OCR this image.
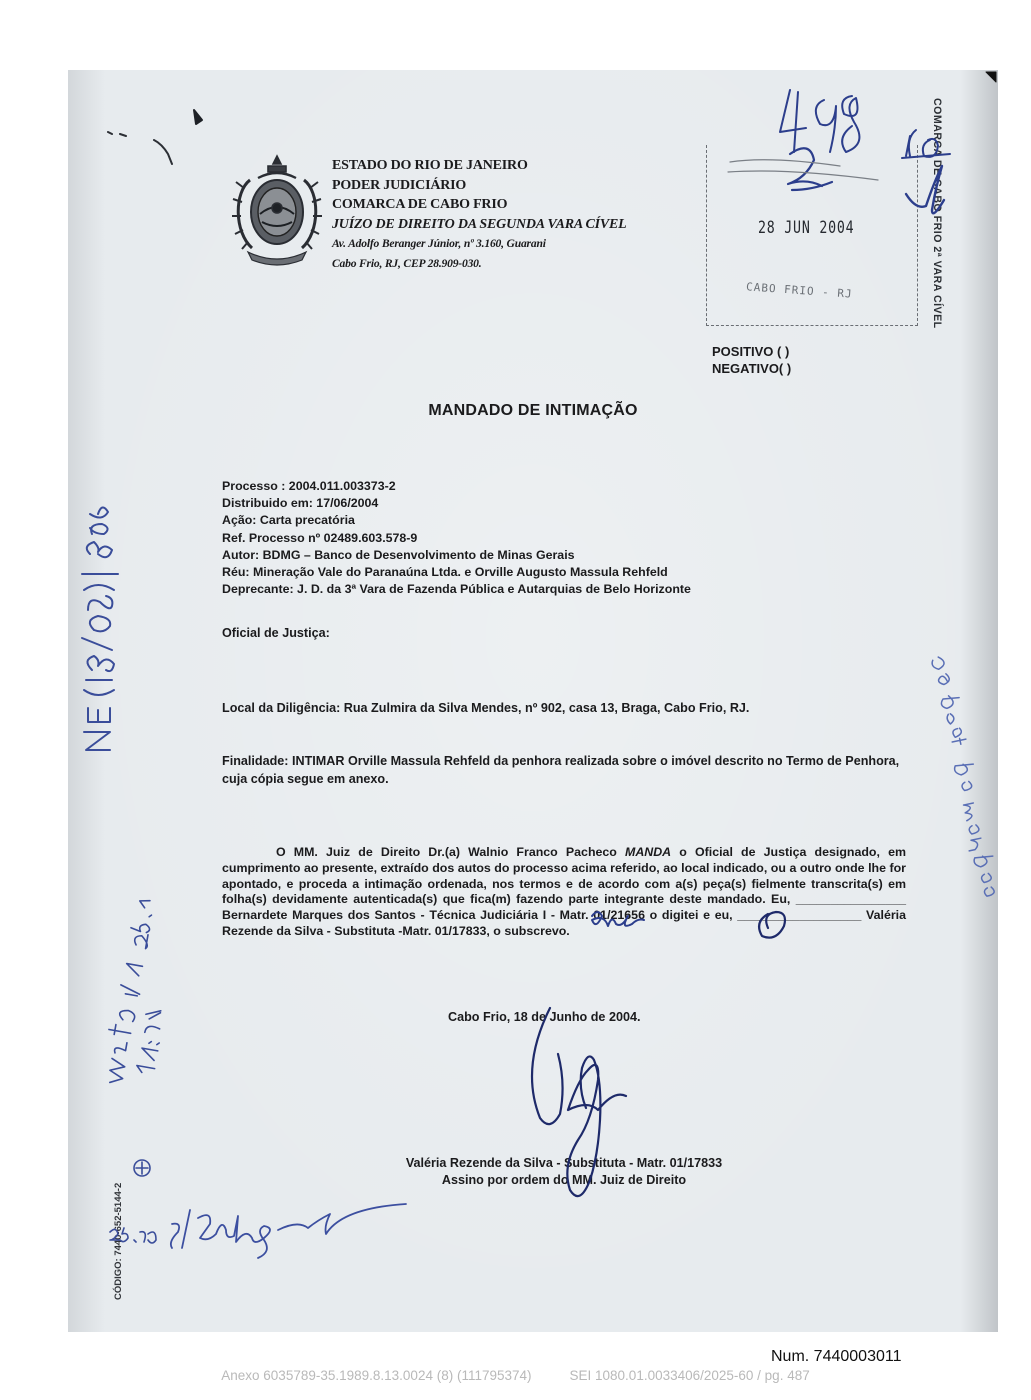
ESTADO DO RIO DE JANEIRO
PODER JUDICIÁRIO
COMARCA DE CABO FRIO
JUÍZO DE DIREITO DA SEGUNDA VARA CÍVEL
Av. Adolfo Beranger Júnior, nº 3.160, Guarani
Cabo Frio, RJ, CEP 28.909-030.	COMARCA DE CABO FRIO 2ª VARA CÍVEL
28 JUN 2004
CABO FRIO - RJ
POSITIVO ( )
NEGATIVO( )
MANDADO DE INTIMAÇÃO
Processo : 2004.011.003373-2
Distribuido em: 17/06/2004
Ação: Carta precatória
Ref. Processo nº 02489.603.578-9
Autor: BDMG – Banco de Desenvolvimento de Minas Gerais
Réu: Mineração Vale do Paranaúna Ltda. e Orville Augusto Massula Rehfeld
Deprecante: J. D. da 3ª Vara de Fazenda Pública e Autarquias de Belo Horizonte
Oficial de Justiça:
Local da Diligência: Rua Zulmira da Silva Mendes, nº 902, casa 13, Braga, Cabo Frio, RJ.
Finalidade: INTIMAR Orville Massula Rehfeld da penhora realizada sobre o imóvel descrito no Termo de Penhora, cuja cópia segue em anexo.
O MM. Juiz de Direito Dr.(a) Walnio Franco Pacheco MANDA o Oficial de Justiça designado, em cumprimento ao presente, extraído dos autos do processo acima referido, ao local indicado, ou a outro onde lhe for apontado, e proceda a intimação ordenada, nos termos e de acordo com a(s) peça(s) fielmente transcrita(s) em folha(s) devidamente autenticada(s) que fica(m) fazendo parte integrante deste mandado. Eu, ________________ Bernardete Marques dos Santos - Técnica Judiciária I - Matr. 01/21656 o digitei e eu, __________________ Valéria Rezende da Silva - Substituta -Matr. 01/17833, o subscrevo.
Cabo Frio, 18 de Junho de 2004.
Valéria Rezende da Silva - Substituta - Matr. 01/17833
Assino por ordem do MM. Juiz de Direito
CÓDIGO: 7440-652-5144-2
Num. 7440003011
Anexo 6035789-35.1989.8.13.0024 (8) (111795374)	SEI 1080.01.0033406/2025-60 / pg. 487
